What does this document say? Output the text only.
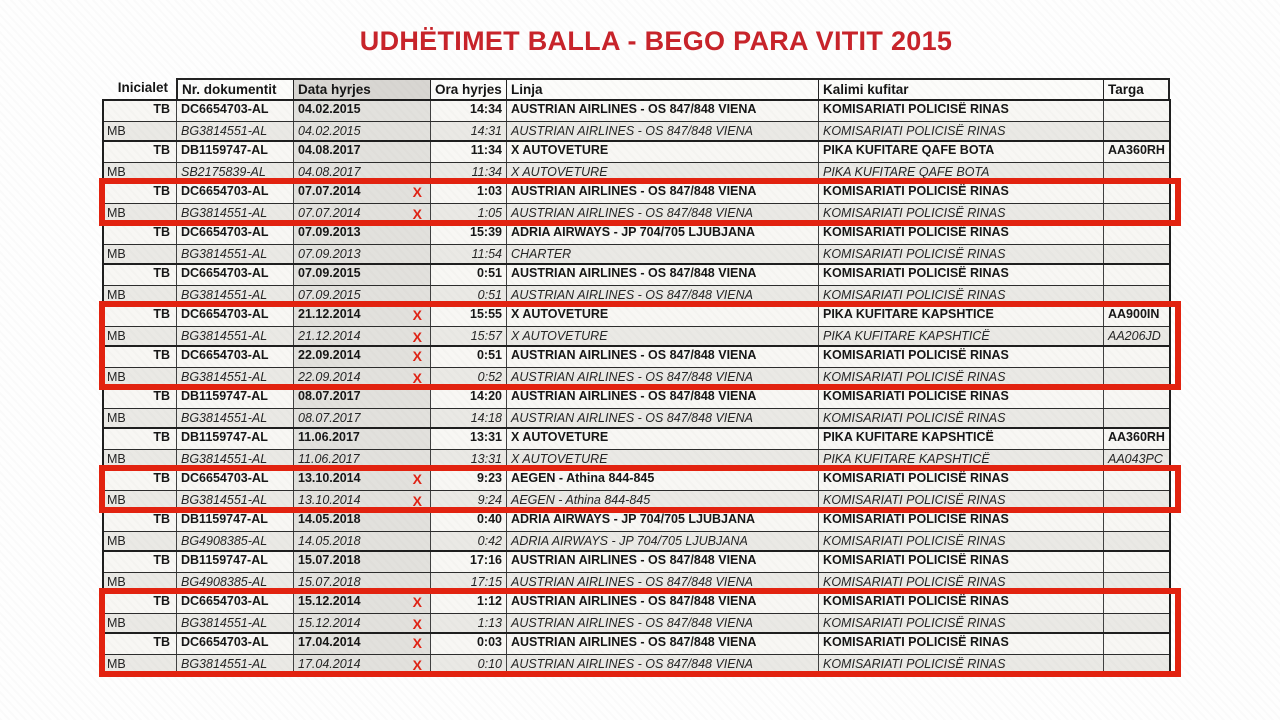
UDHËTIMET BALLA - BEGO PARA VITIT 2015
Inicialet	Nr. dokumentit	Data hyrjes	Ora hyrjes Linja	Kalimi kufitar	Targa
TB DC6654703-AL	04.02.2015	14:34 AUSTRIAN AIRLINES - OS 847/848 VIENA	KOMISARIATI POLICISË RINAS
MB	BG3814551-AL	04.02.2015	14:31 AUSTRIAN AIRLINES - OS 847/848 VIENA	KOMISARIATI POLICISË RINAS
TB DB1159747-AL	04.08.2017	11:34 X AUTOVETURE	PIKA KUFITARE QAFE BOTA	AA360RH
MB	SB2175839-AL	04.08.2017	11:34 X AUTOVETURE	PIKA KUFITARE QAFE BOTA
TB DC6654703-AL	07.07.2014	X	1:03 AUSTRIAN AIRLINES - OS 847/848 VIENA	KOMISARIATI POLICISË RINAS
MB	BG3814551-AL	07.07.2014	X	1:05 AUSTRIAN AIRLINES - OS 847/848 VIENA	KOMISARIATI POLICISË RINAS
TB DC6654703-AL	07.09.2013	15:39 ADRIA AIRWAYS - JP 704/705 LJUBJANA	KOMISARIATI POLICISË RINAS
MB	BG3814551-AL	07.09.2013	11:54 CHARTER	KOMISARIATI POLICISË RINAS
TB DC6654703-AL	07.09.2015	0:51 AUSTRIAN AIRLINES - OS 847/848 VIENA	KOMISARIATI POLICISË RINAS
MB	BG3814551-AL	07.09.2015	0:51 AUSTRIAN AIRLINES - OS 847/848 VIENA	KOMISARIATI POLICISË RINAS
TB DC6654703-AL	21.12.2014	X	15:55 X AUTOVETURE	PIKA KUFITARE KAPSHTICE	AA900IN
MB	BG3814551-AL	21.12.2014	X	15:57 X AUTOVETURE	PIKA KUFITARE KAPSHTICË	AA206JD
TB DC6654703-AL	22.09.2014	X	0:51 AUSTRIAN AIRLINES - OS 847/848 VIENA	KOMISARIATI POLICISË RINAS
MB	BG3814551-AL	22.09.2014	X	0:52 AUSTRIAN AIRLINES - OS 847/848 VIENA	KOMISARIATI POLICISË RINAS
TB DB1159747-AL	08.07.2017	14:20 AUSTRIAN AIRLINES - OS 847/848 VIENA	KOMISARIATI POLICISË RINAS
MB	BG3814551-AL	08.07.2017	14:18 AUSTRIAN AIRLINES - OS 847/848 VIENA	KOMISARIATI POLICISË RINAS
TB DB1159747-AL	11.06.2017	13:31 X AUTOVETURE	PIKA KUFITARE KAPSHTICË	AA360RH
MB	BG3814551-AL	11.06.2017	13:31 X AUTOVETURE	PIKA KUFITARE KAPSHTICË	AA043PC
TB DC6654703-AL	13.10.2014	X	9:23 AEGEN - Athina 844-845	KOMISARIATI POLICISË RINAS
MB	BG3814551-AL	13.10.2014	X	9:24 AEGEN - Athina 844-845	KOMISARIATI POLICISË RINAS
TB DB1159747-AL	14.05.2018	0:40 ADRIA AIRWAYS - JP 704/705 LJUBJANA	KOMISARIATI POLICISË RINAS
MB	BG4908385-AL	14.05.2018	0:42 ADRIA AIRWAYS - JP 704/705 LJUBJANA	KOMISARIATI POLICISË RINAS
TB DB1159747-AL	15.07.2018	17:16 AUSTRIAN AIRLINES - OS 847/848 VIENA	KOMISARIATI POLICISË RINAS
MB	BG4908385-AL	15.07.2018	17:15 AUSTRIAN AIRLINES - OS 847/848 VIENA	KOMISARIATI POLICISË RINAS
TB DC6654703-AL	15.12.2014	X	1:12 AUSTRIAN AIRLINES - OS 847/848 VIENA	KOMISARIATI POLICISË RINAS
MB	BG3814551-AL	15.12.2014	X	1:13 AUSTRIAN AIRLINES - OS 847/848 VIENA	KOMISARIATI POLICISË RINAS
TB DC6654703-AL	17.04.2014	X	0:03 AUSTRIAN AIRLINES - OS 847/848 VIENA	KOMISARIATI POLICISË RINAS
MB	BG3814551-AL	17.04.2014	X	0:10 AUSTRIAN AIRLINES - OS 847/848 VIENA	KOMISARIATI POLICISË RINAS
